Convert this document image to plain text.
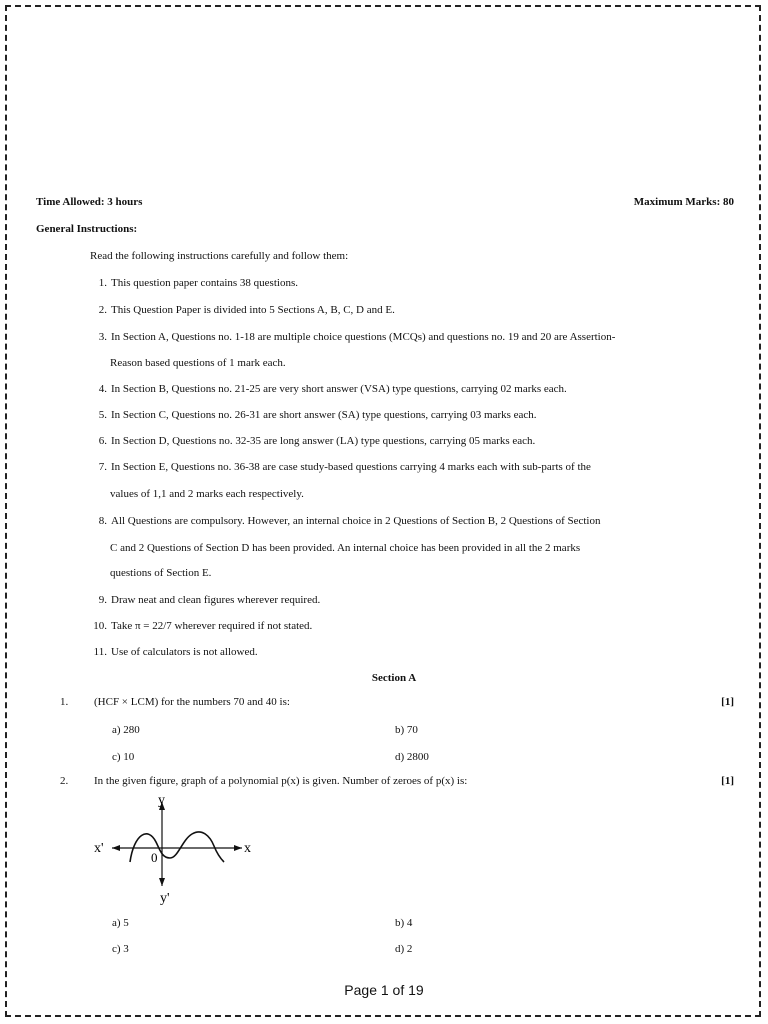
Time Allowed: 3 hours	Maximum Marks: 80
General Instructions:
Read the following instructions carefully and follow them:
1. This question paper contains 38 questions.
2. This Question Paper is divided into 5 Sections A, B, C, D and E.
3. In Section A, Questions no. 1-18 are multiple choice questions (MCQs) and questions no. 19 and 20 are Assertion-
Reason based questions of 1 mark each.
4. In Section B, Questions no. 21-25 are very short answer (VSA) type questions, carrying 02 marks each.
5. In Section C, Questions no. 26-31 are short answer (SA) type questions, carrying 03 marks each.
6. In Section D, Questions no. 32-35 are long answer (LA) type questions, carrying 05 marks each.
7. In Section E, Questions no. 36-38 are case study-based questions carrying 4 marks each with sub-parts of the
values of 1,1 and 2 marks each respectively.
8. All Questions are compulsory. However, an internal choice in 2 Questions of Section B, 2 Questions of Section
C and 2 Questions of Section D has been provided. An internal choice has been provided in all the 2 marks
questions of Section E.
9. Draw neat and clean figures wherever required.
10. Take π = 22/7 wherever required if not stated.
11. Use of calculators is not allowed.
Section A
1. (HCF × LCM) for the numbers 70 and 40 is:	[1]
a) 280	b) 70
c) 10	d) 2800
2. In the given figure, graph of a polynomial p(x) is given. Number of zeroes of p(x) is:	[1]
y
x
x'
y'
0
a) 5	b) 4
c) 3	d) 2
Page 1 of 19
